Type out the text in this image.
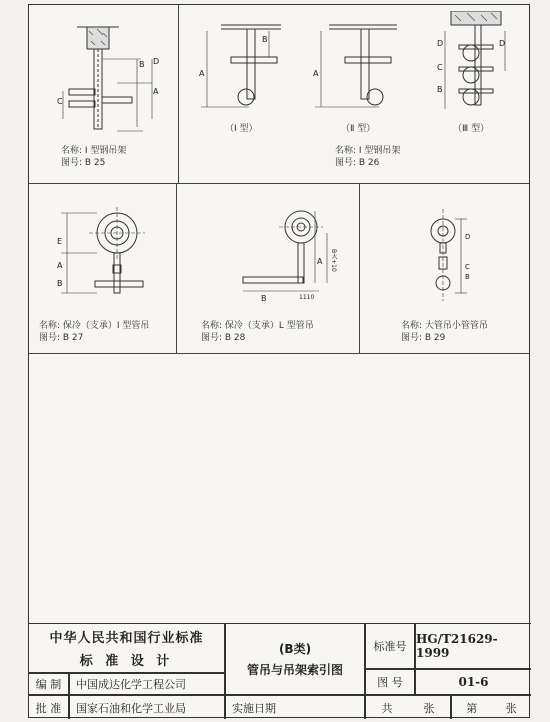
B D
A
C
名称: Ⅰ 型钢吊架
图号: B 25
A
B
A
D
C
B
D
（Ⅰ 型）	（Ⅱ 型）	（Ⅲ 型）
名称: Ⅰ 型钢吊架
图号: B 26
E
A
B
名称: 保冷（支承）Ⅰ 型管吊
图号: B 27
A B大+10
B	1110
名称: 保冷（支承）L 型管吊
图号: B 28
D
C
B
名称: 大管吊小管管吊
图号: B 29
中华人民共和国行业标准
标 准 设 计
(B类)
管吊与吊架索引图
标准号
HG/T21629-1999
图 号	01-6
编 制 中国成达化学工程公司
批 准 国家石油和化学工业局	实施日期	共	张	第	张
